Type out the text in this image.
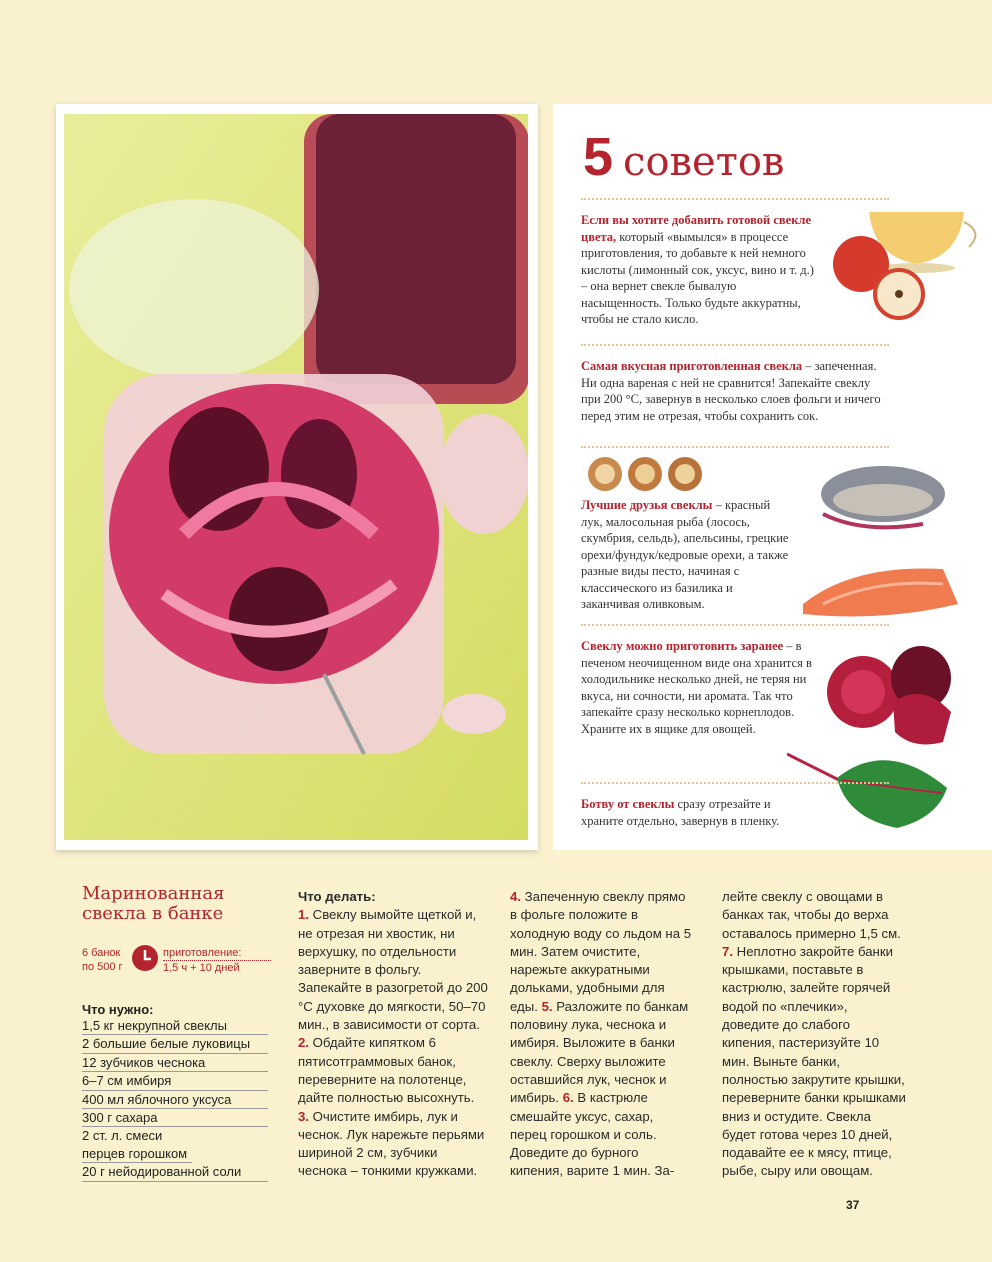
5 советов

Если вы хотите добавить готовой свекле цвета, который «вымылся» в процессе приготовления, то добавьте к ней немного кислоты (лимонный сок, уксус, вино и т. д.) – она вернет свекле бывалую насыщенность. Только будьте аккуратны, чтобы не стало кисло.

Самая вкусная приготовленная свекла – запеченная. Ни одна вареная с ней не сравнится! Запекайте свеклу при 200 °С, завернув в несколько слоев фольги и ничего перед этим не отрезая, чтобы сохранить сок.

Лучшие друзья свеклы – красный лук, малосольная рыба (лосось, скумбрия, сельдь), апельсины, грецкие орехи/фундук/кедровые орехи, а также разные виды песто, начиная с классического из базилика и заканчивая оливковым.

Свеклу можно приготовить заранее – в печеном неочищенном виде она хранится в холодильнике несколько дней, не теряя ни вкуса, ни сочности, ни аромата. Так что запекайте сразу несколько корнеплодов. Храните их в ящике для овощей.

Ботву от свеклы сразу отрезайте и храните отдельно, завернув в пленку.

Маринованная свекла в банке
6 банок по 500 г
приготовление:
1,5 ч + 10 дней
Что нужно:
1,5 кг некрупной свеклы
2 большие белые луковицы
12 зубчиков чеснока
6–7 см имбиря
400 мл яблочного уксуса
300 г сахара
2 ст. л. смеси перцев горошком
20 г нейодированной соли

Что делать:
1. Свеклу вымойте щеткой и, не отрезая ни хвостик, ни верхушку, по отдельности заверните в фольгу. Запекайте в разогретой до 200 °С духовке до мягкости, 50–70 мин., в зависимости от сорта. 2. Обдайте кипятком 6 пятисотграммовых банок, переверните на полотенце, дайте полностью высохнуть. 3. Очистите имбирь, лук и чеснок. Лук нарежьте перьями шириной 2 см, зубчики чеснока – тонкими кружками.

4. Запеченную свеклу прямо в фольге положите в холодную воду со льдом на 5 мин. Затем очистите, нарежьте аккуратными дольками, удобными для еды. 5. Разложите по банкам половину лука, чеснока и имбиря. Выложите в банки свеклу. Сверху выложите оставшийся лук, чеснок и имбирь. 6. В кастрюле смешайте уксус, сахар, перец горошком и соль. Доведите до бурного кипения, варите 1 мин. За-

лейте свеклу с овощами в банках так, чтобы до верха оставалось примерно 1,5 см. 7. Неплотно закройте банки крышками, поставьте в кастрюлю, залейте горячей водой по «плечики», доведите до слабого кипения, пастеризуйте 10 мин. Выньте банки, полностью закрутите крышки, переверните банки крышками вниз и остудите. Свекла будет готова через 10 дней, подавайте ее к мясу, птице, рыбе, сыру или овощам.

37
